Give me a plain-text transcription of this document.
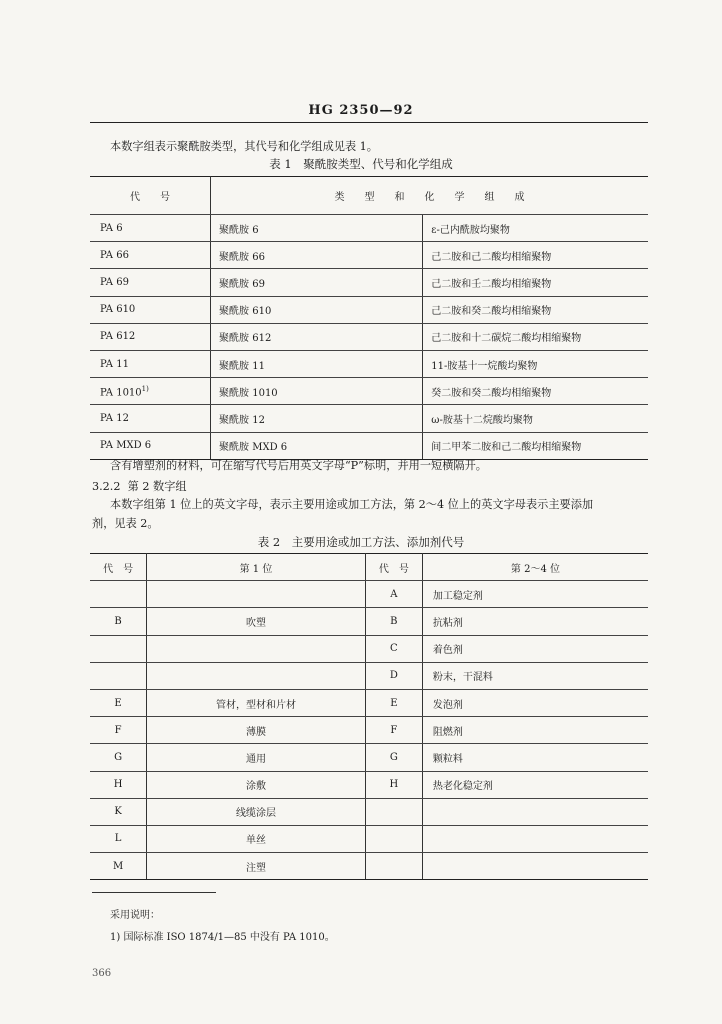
HG 2350—92
本数字组表示聚酰胺类型，其代号和化学组成见表 1。
表 1　聚酰胺类型、代号和化学组成
代　　号	类　　型　　和　　化　　学　　组　　成	
PA 6	聚酰胺 6	ε-己内酰胺均聚物
PA 66	聚酰胺 66	己二胺和己二酸均相缩聚物
PA 69	聚酰胺 69	己二胺和壬二酸均相缩聚物
PA 610	聚酰胺 610	己二胺和癸二酸均相缩聚物
PA 612	聚酰胺 612	己二胺和十二碳烷二酸均相缩聚物
PA 11	聚酰胺 11	11-胺基十一烷酸均聚物
PA 1010$^{1)}$	聚酰胺 1010	癸二胺和癸二酸均相缩聚物
PA 12	聚酰胺 12	ω-胺基十二烷酸均聚物
PA MXD 6	聚酰胺 MXD 6	间二甲苯二胺和己二酸均相缩聚物
含有增塑剂的材料，可在缩写代号后用英文字母“P”标明，并用一短横隔开。
3.2.2 第 2 数字组
本数字组第 1 位上的英文字母，表示主要用途或加工方法，第 2～4 位上的英文字母表示主要添加
剂，见表 2。
表 2　主要用途或加工方法、添加剂代号
代　号	第 1 位	代　号	第 2～4 位
		A	加工稳定剂
B	吹塑	B	抗粘剂
		C	着色剂
		D	粉末，干混料
E	管材，型材和片材	E	发泡剂
F	薄膜	F	阻燃剂
G	通用	G	颗粒料
H	涂敷	H	热老化稳定剂
K	线缆涂层		
L	单丝		
M	注塑		
采用说明：
1) 国际标准 ISO 1874/1—85 中没有 PA 1010。
366
